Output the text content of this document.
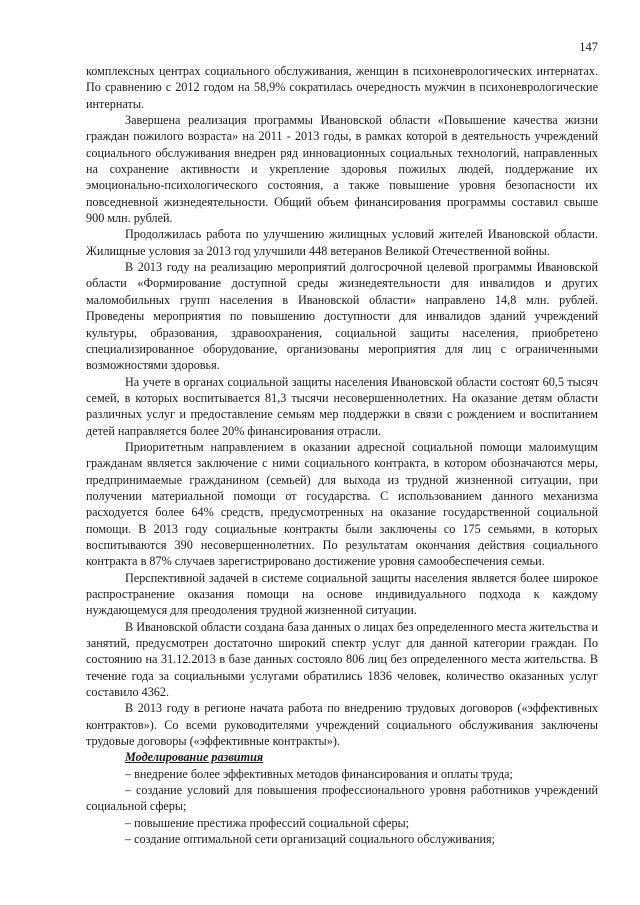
147

комплексных центрах социального обслуживания, женщин в психоневрологических интернатах. По сравнению с 2012 годом на 58,9% сократилась очередность мужчин в психоневрологические интернаты.

Завершена реализация программы Ивановской области «Повышение качества жизни граждан пожилого возраста» на 2011 - 2013 годы, в рамках которой в деятельность учреждений социального обслуживания внедрен ряд инновационных социальных технологий, направленных на сохранение активности и укрепление здоровья пожилых людей, поддержание их эмоционально-психологического состояния, а также повышение уровня безопасности их повседневной жизнедеятельности. Общий объем финансирования программы составил свыше 900 млн. рублей.

Продолжилась работа по улучшению жилищных условий жителей Ивановской области. Жилищные условия за 2013 год улучшили 448 ветеранов Великой Отечественной войны.

В 2013 году на реализацию мероприятий долгосрочной целевой программы Ивановской области «Формирование доступной среды жизнедеятельности для инвалидов и других маломобильных групп населения в Ивановской области» направлено 14,8 млн. рублей. Проведены мероприятия по повышению доступности для инвалидов зданий учреждений культуры, образования, здравоохранения, социальной защиты населения, приобретено специализированное оборудование, организованы мероприятия для лиц с ограниченными возможностями здоровья.

На учете в органах социальной защиты населения Ивановской области состоят 60,5 тысяч семей, в которых воспитывается 81,3 тысячи несовершеннолетних. На оказание детям области различных услуг и предоставление семьям мер поддержки в связи с рождением и воспитанием детей направляется более 20% финансирования отрасли.

Приоритетным направлением в оказании адресной социальной помощи малоимущим гражданам является заключение с ними социального контракта, в котором обозначаются меры, предпринимаемые гражданином (семьей) для выхода из трудной жизненной ситуации, при получении материальной помощи от государства. С использованием данного механизма расходуется более 64% средств, предусмотренных на оказание государственной социальной помощи. В 2013 году социальные контракты были заключены со 175 семьями, в которых воспитываются 390 несовершеннолетних. По результатам окончания действия социального контракта в 87% случаев зарегистрировано достижение уровня самообеспечения семьи.

Перспективной задачей в системе социальной защиты населения является более широкое распространение оказания помощи на основе индивидуального подхода к каждому нуждающемуся для преодоления трудной жизненной ситуации.

В Ивановской области создана база данных о лицах без определенного места жительства и занятий, предусмотрен достаточно широкий спектр услуг для данной категории граждан. По состоянию на 31.12.2013 в базе данных состояло 806 лиц без определенного места жительства. В течение года за социальными услугами обратились 1836 человек, количество оказанных услуг составило 4362.

В 2013 году в регионе начата работа по внедрению трудовых договоров («эффективных контрактов»). Со всеми руководителями учреждений социального обслуживания заключены трудовые договоры («эффективные контракты»).

Моделирование развития
– внедрение более эффективных методов финансирования и оплаты труда;
– создание условий для повышения профессионального уровня работников учреждений социальной сферы;
– повышение престижа профессий социальной сферы;
– создание оптимальной сети организаций социального обслуживания;
